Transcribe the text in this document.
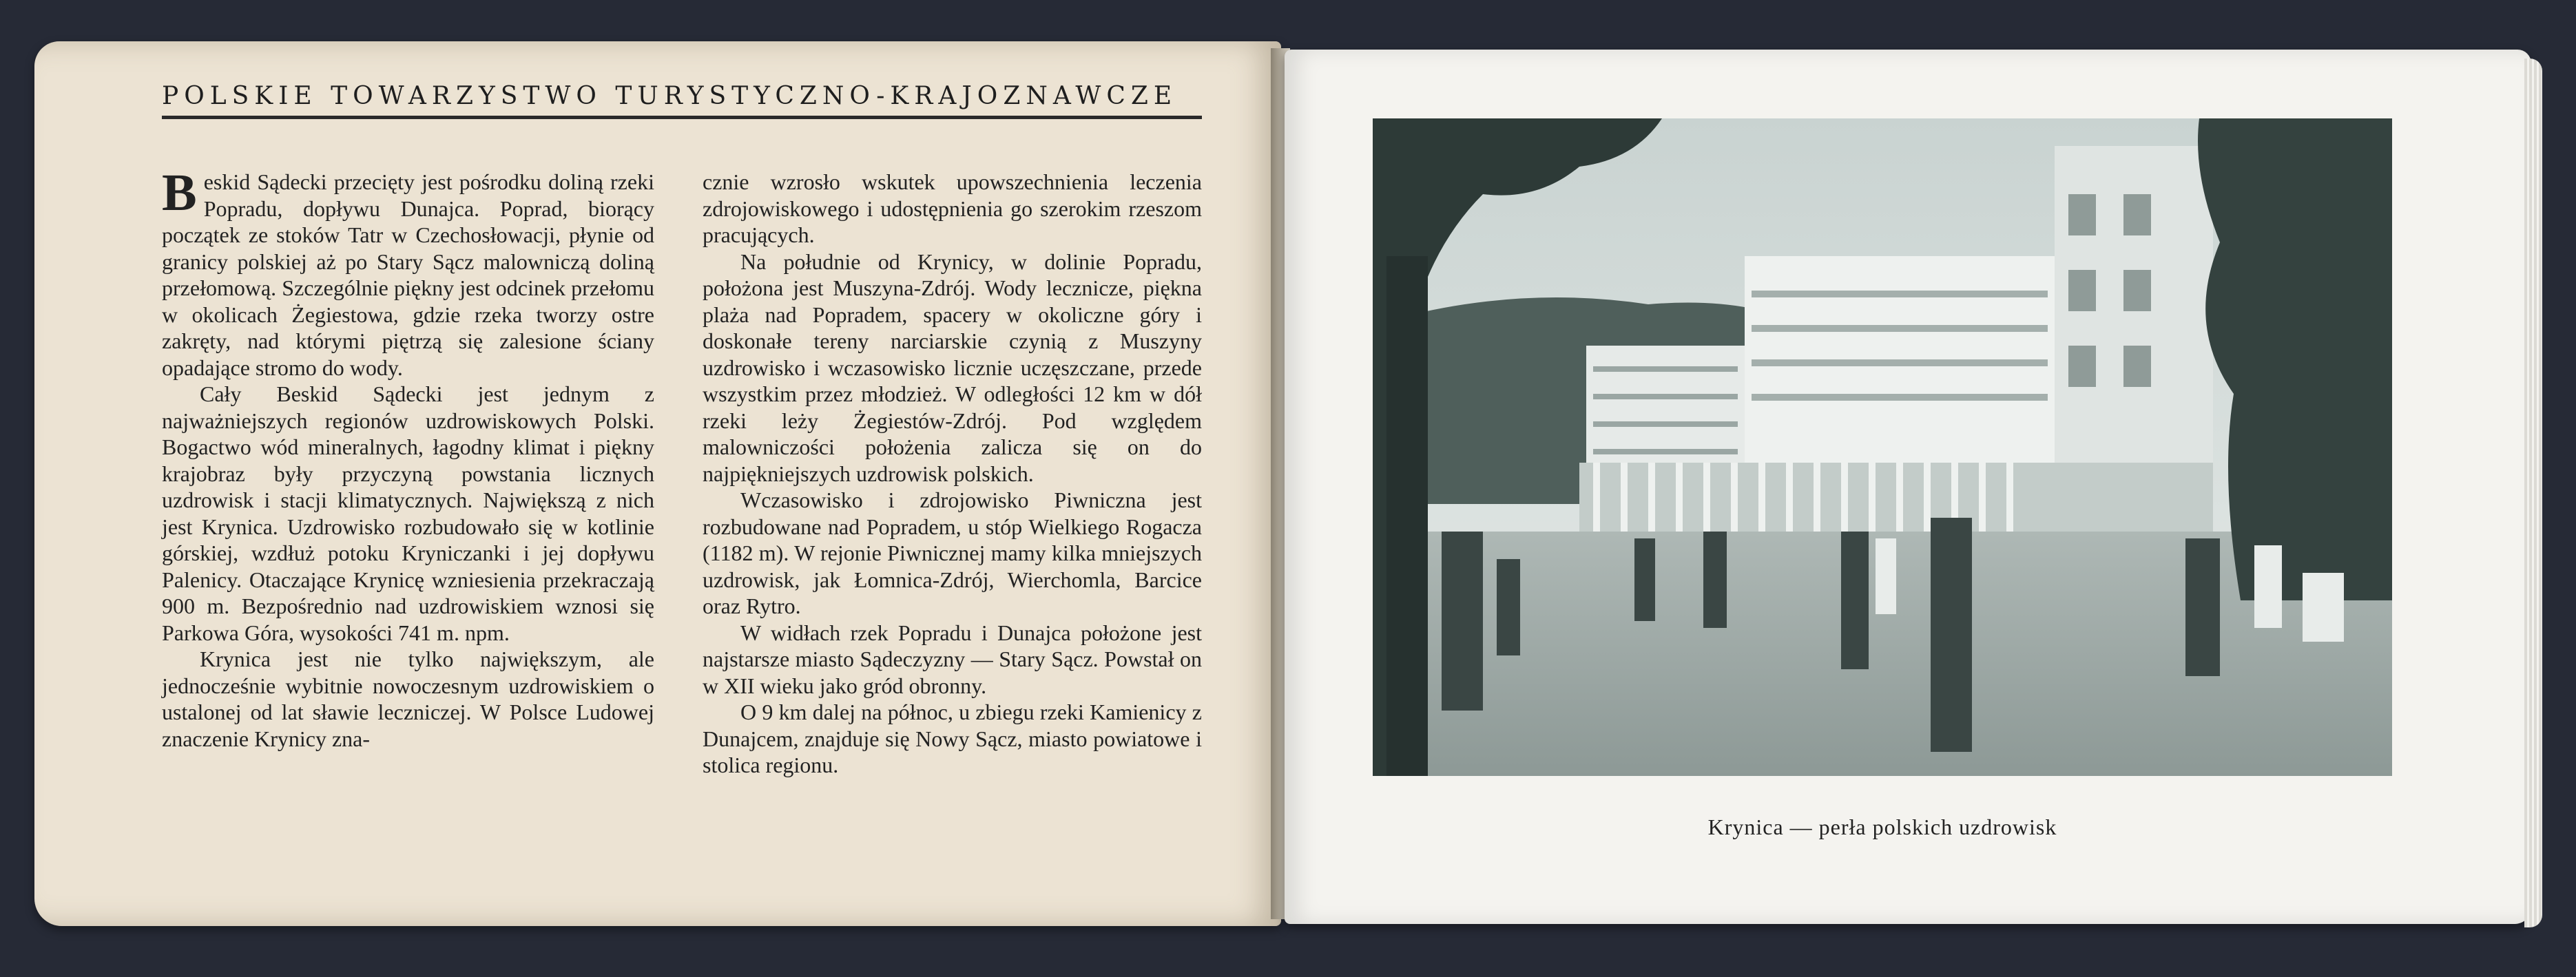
POLSKIE TOWARZYSTWO TURYSTYCZNO-KRAJOZNAWCZE

Beskid Sądecki przecięty jest pośrodku doliną rzeki Popradu, dopływu Dunajca. Poprad, biorący początek ze stoków Tatr w Czechosłowacji, płynie od granicy polskiej aż po Stary Sącz malowniczą doliną przełomową. Szczególnie piękny jest odcinek przełomu w okolicach Żegiestowa, gdzie rzeka tworzy ostre zakręty, nad którymi piętrzą się zalesione ściany opadające stromo do wody.

Cały Beskid Sądecki jest jednym z najważniejszych regionów uzdrowiskowych Polski. Bogactwo wód mineralnych, łagodny klimat i piękny krajobraz były przyczyną powstania licznych uzdrowisk i stacji klimatycznych. Największą z nich jest Krynica. Uzdrowisko rozbudowało się w kotlinie górskiej, wzdłuż potoku Kryniczanki i jej dopływu Palenicy. Otaczające Krynicę wzniesienia przekraczają 900 m. Bezpośrednio nad uzdrowiskiem wznosi się Parkowa Góra, wysokości 741 m. npm.

Krynica jest nie tylko największym, ale jednocześnie wybitnie nowoczesnym uzdrowiskiem o ustalonej od lat sławie leczniczej. W Polsce Ludowej znaczenie Krynicy zna-

cznie wzrosło wskutek upowszechnienia leczenia zdrojowiskowego i udostępnienia go szerokim rzeszom pracujących.

Na południe od Krynicy, w dolinie Popradu, położona jest Muszyna-Zdrój. Wody lecznicze, piękna plaża nad Popradem, spacery w okoliczne góry i doskonałe tereny narciarskie czynią z Muszyny uzdrowisko i wczasowisko licznie uczęszczane, przede wszystkim przez młodzież. W odległości 12 km w dół rzeki leży Żegiestów-Zdrój. Pod względem malowniczości położenia zalicza się on do najpiękniejszych uzdrowisk polskich.

Wczasowisko i zdrojowisko Piwniczna jest rozbudowane nad Popradem, u stóp Wielkiego Rogacza (1182 m). W rejonie Piwnicznej mamy kilka mniejszych uzdrowisk, jak Łomnica-Zdrój, Wierchomla, Barcice oraz Rytro.

W widłach rzek Popradu i Dunajca położone jest najstarsze miasto Sądeczyzny — Stary Sącz. Powstał on w XII wieku jako gród obronny.

O 9 km dalej na północ, u zbiegu rzeki Kamienicy z Dunajcem, znajduje się Nowy Sącz, miasto powiatowe i stolica regionu.

Krynica — perła polskich uzdrowisk
